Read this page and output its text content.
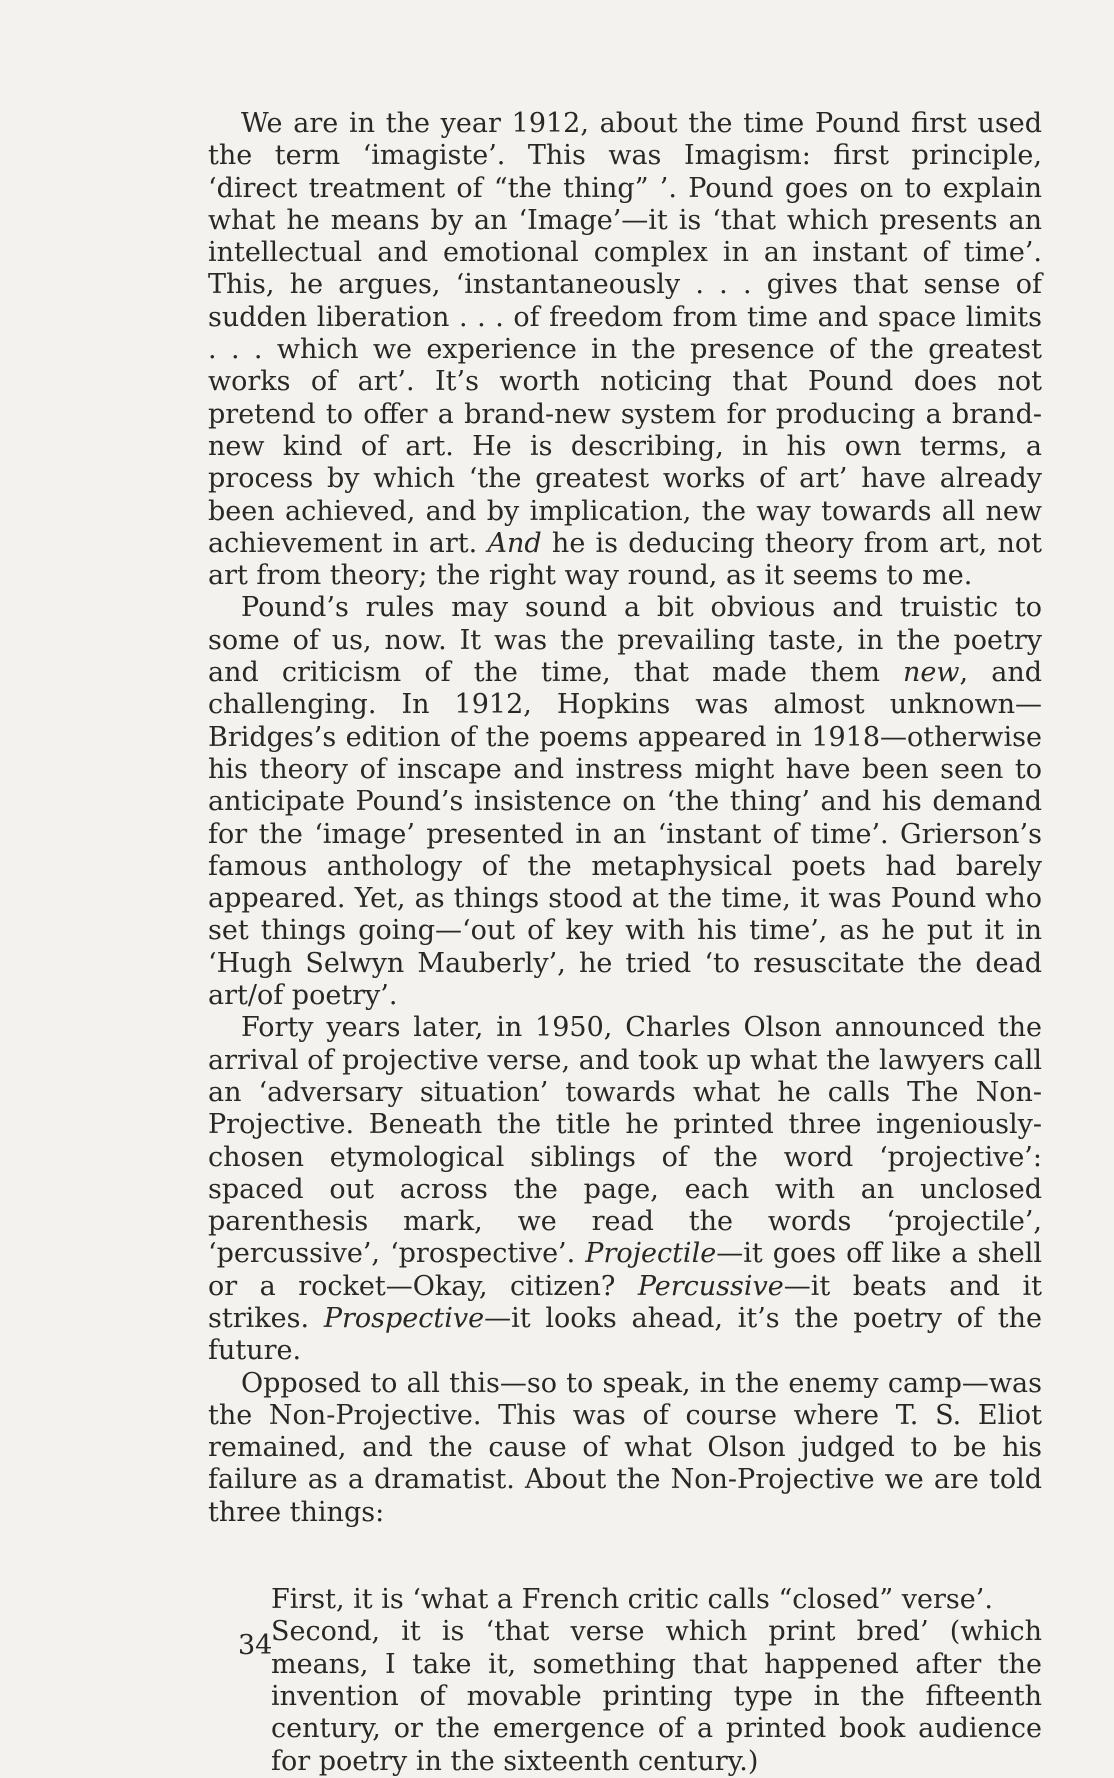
We are in the year 1912, about the time Pound first used the term ‘imagiste’. This was Imagism: first principle, ‘direct treatment of “the thing” ’. Pound goes on to explain what he means by an ‘Image’—it is ‘that which presents an intellectual and emotional complex in an instant of time’. This, he argues, ‘instantaneously . . . gives that sense of sudden liberation . . . of freedom from time and space limits . . . which we experience in the presence of the greatest works of art’. It’s worth noticing that Pound does not pretend to offer a brand-new system for producing a brand-new kind of art. He is describing, in his own terms, a process by which ‘the greatest works of art’ have already been achieved, and by implication, the way towards all new achievement in art. And he is deducing theory from art, not art from theory; the right way round, as it seems to me.

Pound’s rules may sound a bit obvious and truistic to some of us, now. It was the prevailing taste, in the poetry and criticism of the time, that made them new, and challenging. In 1912, Hopkins was almost unknown—Bridges’s edition of the poems appeared in 1918—otherwise his theory of inscape and instress might have been seen to anticipate Pound’s insistence on ‘the thing’ and his demand for the ‘image’ presented in an ‘instant of time’. Grierson’s famous anthology of the metaphysical poets had barely appeared. Yet, as things stood at the time, it was Pound who set things going—‘out of key with his time’, as he put it in ‘Hugh Selwyn Mauberly’, he tried ‘to resuscitate the dead art/of poetry’.

Forty years later, in 1950, Charles Olson announced the arrival of projective verse, and took up what the lawyers call an ‘adversary situation’ towards what he calls The Non-Projective. Beneath the title he printed three ingeniously-chosen etymological siblings of the word ‘projective’: spaced out across the page, each with an unclosed parenthesis mark, we read the words ‘projectile’, ‘percussive’, ‘prospective’. Projectile—it goes off like a shell or a rocket—Okay, citizen? Percussive—it beats and it strikes. Prospective—it looks ahead, it’s the poetry of the future.

Opposed to all this—so to speak, in the enemy camp—was the Non-Projective. This was of course where T. S. Eliot remained, and the cause of what Olson judged to be his failure as a dramatist. About the Non-Projective we are told three things:

First, it is ‘what a French critic calls “closed” verse’.

Second, it is ‘that verse which print bred’ (which means, I take it, something that happened after the invention of movable printing type in the fifteenth century, or the emergence of a printed book audience for poetry in the sixteenth century.)

34
